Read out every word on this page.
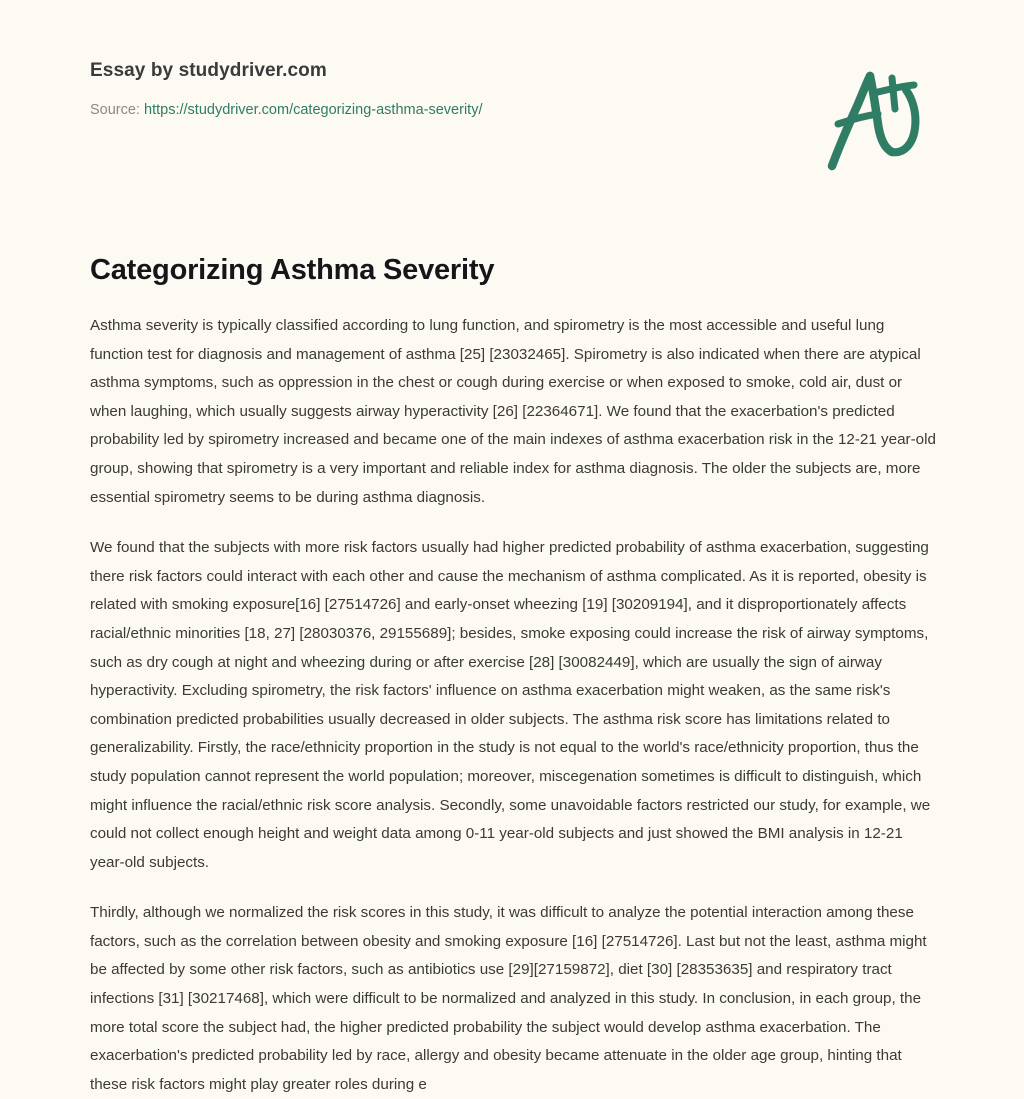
Essay by studydriver.com
Source: https://studydriver.com/categorizing-asthma-severity/
Categorizing Asthma Severity

Asthma severity is typically classified according to lung function, and spirometry is the most accessible and useful lung function test for diagnosis and management of asthma [25] [23032465]. Spirometry is also indicated when there are atypical asthma symptoms, such as oppression in the chest or cough during exercise or when exposed to smoke, cold air, dust or when laughing, which usually suggests airway hyperactivity [26] [22364671]. We found that the exacerbation's predicted probability led by spirometry increased and became one of the main indexes of asthma exacerbation risk in the 12-21 year-old group, showing that spirometry is a very important and reliable index for asthma diagnosis. The older the subjects are, more essential spirometry seems to be during asthma diagnosis.

We found that the subjects with more risk factors usually had higher predicted probability of asthma exacerbation, suggesting there risk factors could interact with each other and cause the mechanism of asthma complicated. As it is reported, obesity is related with smoking exposure[16] [27514726] and early-onset wheezing [19] [30209194], and it disproportionately affects racial/ethnic minorities [18, 27] [28030376, 29155689]; besides, smoke exposing could increase the risk of airway symptoms, such as dry cough at night and wheezing during or after exercise [28] [30082449], which are usually the sign of airway hyperactivity. Excluding spirometry, the risk factors' influence on asthma exacerbation might weaken, as the same risk's combination predicted probabilities usually decreased in older subjects. The asthma risk score has limitations related to generalizability. Firstly, the race/ethnicity proportion in the study is not equal to the world's race/ethnicity proportion, thus the study population cannot represent the world population; moreover, miscegenation sometimes is difficult to distinguish, which might influence the racial/ethnic risk score analysis. Secondly, some unavoidable factors restricted our study, for example, we could not collect enough height and weight data among 0-11 year-old subjects and just showed the BMI analysis in 12-21 year-old subjects.

Thirdly, although we normalized the risk scores in this study, it was difficult to analyze the potential interaction among these factors, such as the correlation between obesity and smoking exposure [16] [27514726]. Last but not the least, asthma might be affected by some other risk factors, such as antibiotics use [29][27159872], diet [30] [28353635] and respiratory tract infections [31] [30217468], which were difficult to be normalized and analyzed in this study. In conclusion, in each group, the more total score the subject had, the higher predicted probability the subject would develop asthma exacerbation. The exacerbation's predicted probability led by race, allergy and obesity became attenuate in the older age group, hinting that these risk factors might play greater roles during e
